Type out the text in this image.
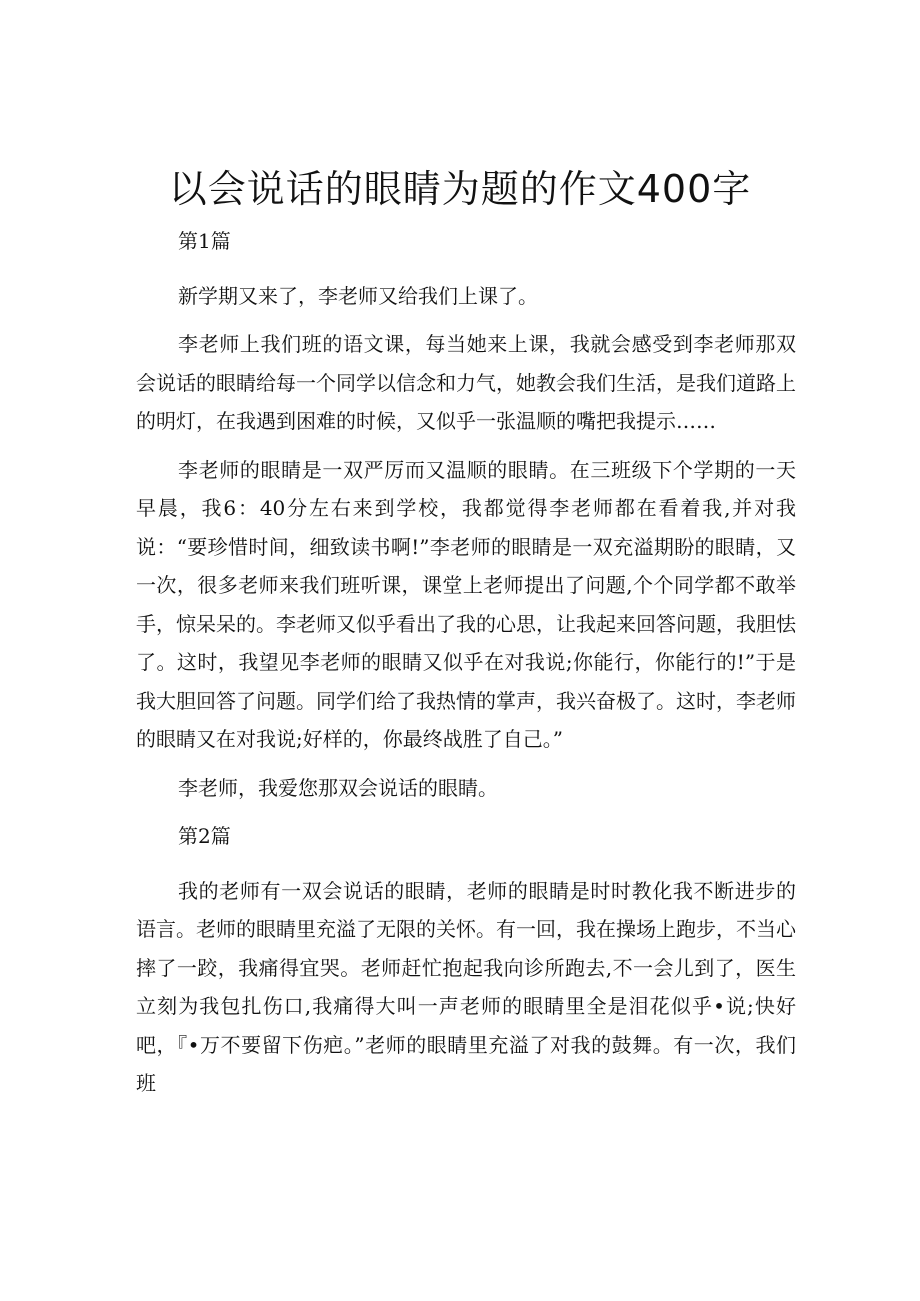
以会说话的眼睛为题的作文400字

第1篇

新学期又来了，李老师又给我们上课了。

李老师上我们班的语文课，每当她来上课，我就会感受到李老师那双会说话的眼睛给每一个同学以信念和力气，她教会我们生活，是我们道路上的明灯，在我遇到困难的时候，又似乎一张温顺的嘴把我提示……

李老师的眼睛是一双严厉而又温顺的眼睛。在三班级下个学期的一天早晨，我6：40分左右来到学校，我都觉得李老师都在看着我,并对我说：“要珍惜时间，细致读书啊!”李老师的眼睛是一双充溢期盼的眼睛，又一次，很多老师来我们班听课，课堂上老师提出了问题,个个同学都不敢举手，惊呆呆的。李老师又似乎看出了我的心思，让我起来回答问题，我胆怯了。这时，我望见李老师的眼睛又似乎在对我说;你能行，你能行的!”于是我大胆回答了问题。同学们给了我热情的掌声，我兴奋极了。这时，李老师的眼睛又在对我说;好样的，你最终战胜了自己。”

李老师，我爱您那双会说话的眼睛。

第2篇

我的老师有一双会说话的眼睛，老师的眼睛是时时教化我不断进步的语言。老师的眼睛里充溢了无限的关怀。有一回，我在操场上跑步，不当心摔了一跤，我痛得宜哭。老师赶忙抱起我向诊所跑去,不一会儿到了，医生立刻为我包扎伤口,我痛得大叫一声老师的眼睛里全是泪花似乎•说;快好吧，『•万不要留下伤疤。”老师的眼睛里充溢了对我的鼓舞。有一次，我们班
